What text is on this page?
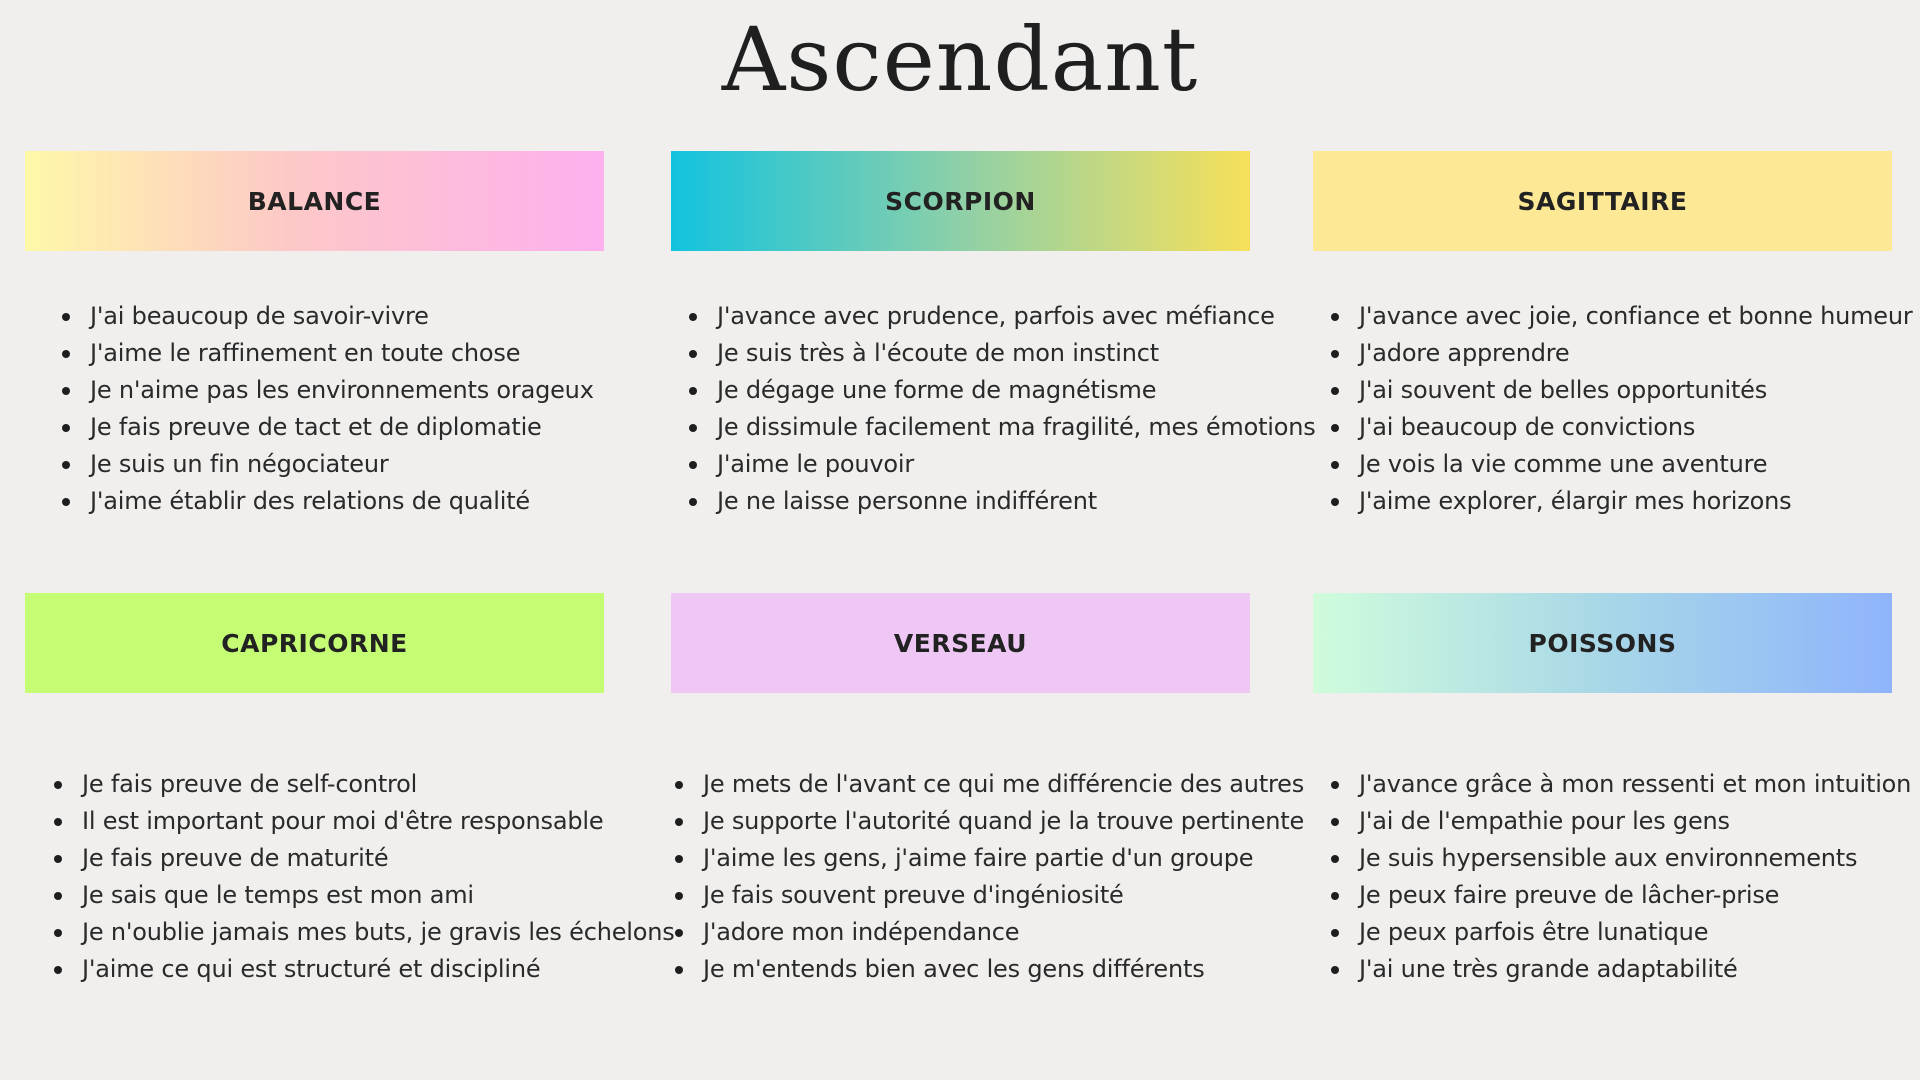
Ascendant
BALANCE
J'ai beaucoup de savoir-vivre
J'aime le raffinement en toute chose
Je n'aime pas les environnements orageux
Je fais preuve de tact et de diplomatie
Je suis un fin négociateur
J'aime établir des relations de qualité
SCORPION
J'avance avec prudence, parfois avec méfiance
Je suis très à l'écoute de mon instinct
Je dégage une forme de magnétisme
Je dissimule facilement ma fragilité, mes émotions
J'aime le pouvoir
Je ne laisse personne indifférent
SAGITTAIRE
J'avance avec joie, confiance et bonne humeur
J'adore apprendre
J'ai souvent de belles opportunités
J'ai beaucoup de convictions
Je vois la vie comme une aventure
J'aime explorer, élargir mes horizons
CAPRICORNE
Je fais preuve de self-control
Il est important pour moi d'être responsable
Je fais preuve de maturité
Je sais que le temps est mon ami
Je n'oublie jamais mes buts, je gravis les échelons
J'aime ce qui est structuré et discipliné
VERSEAU
Je mets de l'avant ce qui me différencie des autres
Je supporte l'autorité quand je la trouve pertinente
J'aime les gens, j'aime faire partie d'un groupe
Je fais souvent preuve d'ingéniosité
J'adore mon indépendance
Je m'entends bien avec les gens différents
POISSONS
J'avance grâce à mon ressenti et mon intuition
J'ai de l'empathie pour les gens
Je suis hypersensible aux environnements
Je peux faire preuve de lâcher-prise
Je peux parfois être lunatique
J'ai une très grande adaptabilité
